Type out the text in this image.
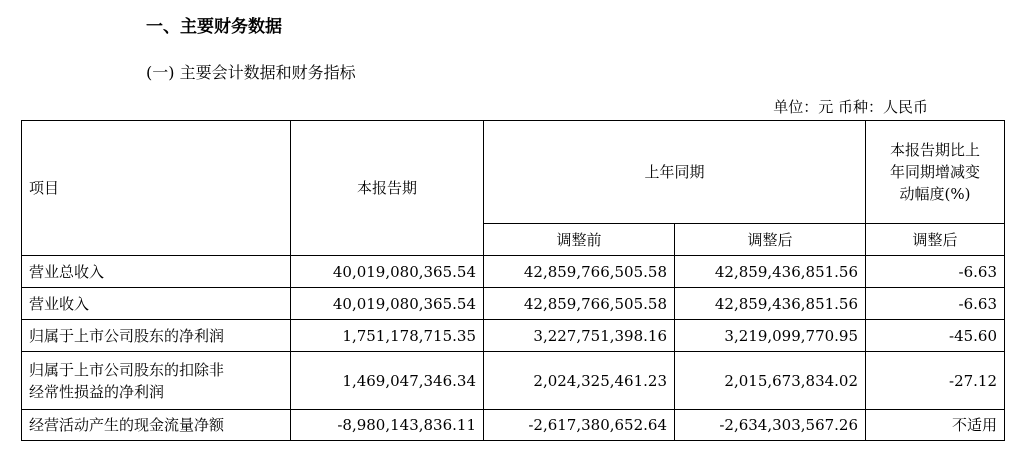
一、主要财务数据
(一) 主要会计数据和财务指标
单位：元 币种：人民币
项目	本报告期	上年同期		本报告期比上
年同期增减变
动幅度(%)

		调整前	调整后	调整后
营业总收入	40,019,080,365.54	42,859,766,505.58	42,859,436,851.56	-6.63
营业收入	40,019,080,365.54	42,859,766,505.58	42,859,436,851.56	-6.63
归属于上市公司股东的净利润	1,751,178,715.35	3,227,751,398.16	3,219,099,770.95	-45.60

归属于上市公司股东的扣除非
经常性损益的净利润	1,469,047,346.34	2,024,325,461.23	2,015,673,834.02	-27.12
经营活动产生的现金流量净额	-8,980,143,836.11	-2,617,380,652.64	-2,634,303,567.26	不适用
